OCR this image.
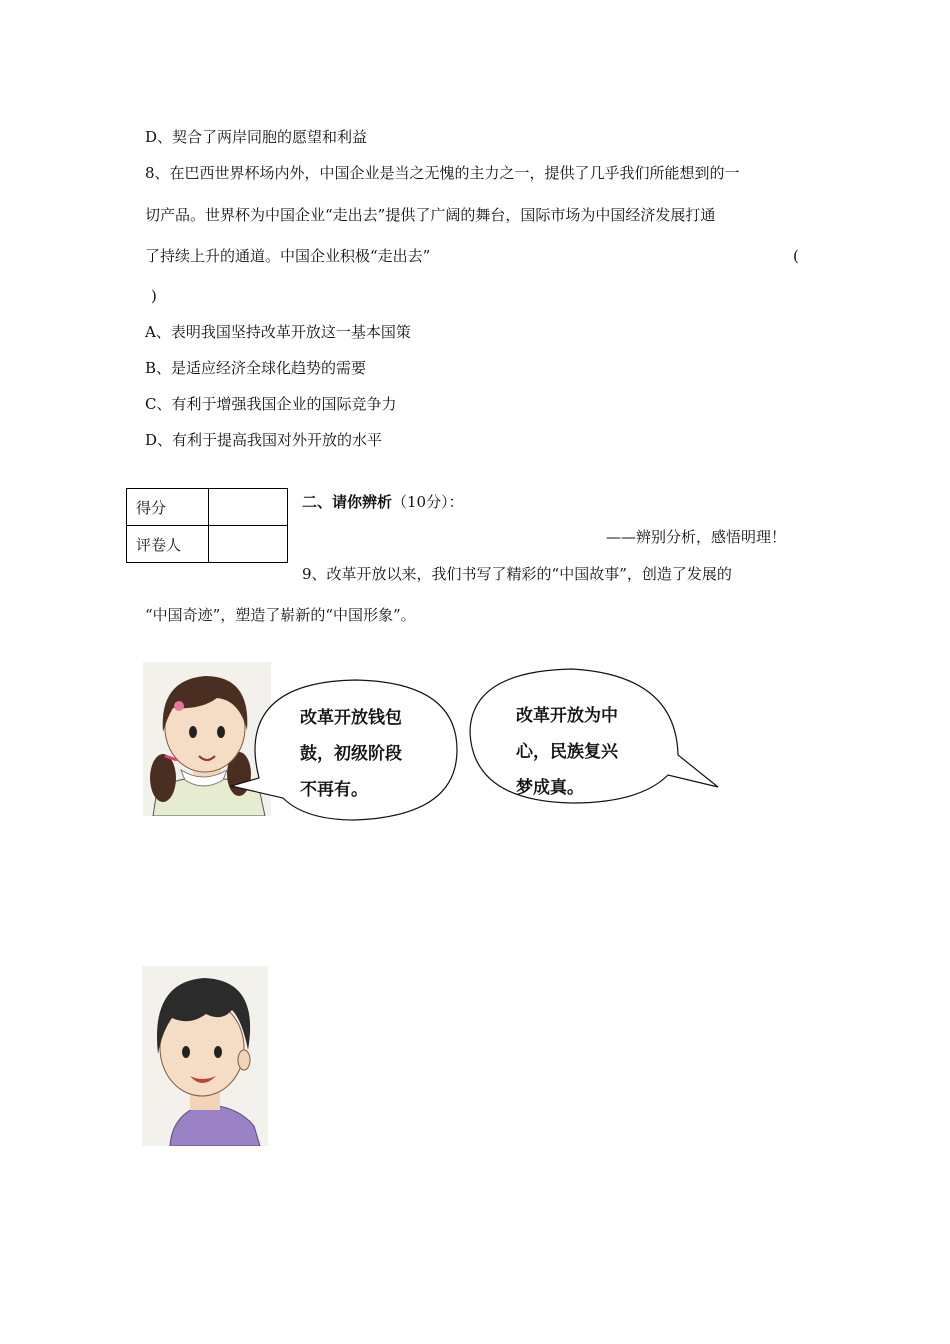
D、契合了两岸同胞的愿望和利益
8、在巴西世界杯场内外，中国企业是当之无愧的主力之一，提供了几乎我们所能想到的一
切产品。世界杯为中国企业“走出去”提供了广阔的舞台，国际市场为中国经济发展打通
了持续上升的通道。中国企业积极“走出去”	(
)
A、表明我国坚持改革开放这一基本国策
B、是适应经济全球化趋势的需要
C、有利于增强我国企业的国际竞争力
D、有利于提高我国对外开放的水平
得分	
评卷人	
二、请你辨析（10分）：
——辨别分析，感悟明理！
9、改革开放以来，我们书写了精彩的“中国故事”，创造了发展的
“中国奇迹”，塑造了崭新的“中国形象”。
改革开放钱包
鼓，初级阶段
不再有。
改革开放为中
心，民族复兴
梦成真。
